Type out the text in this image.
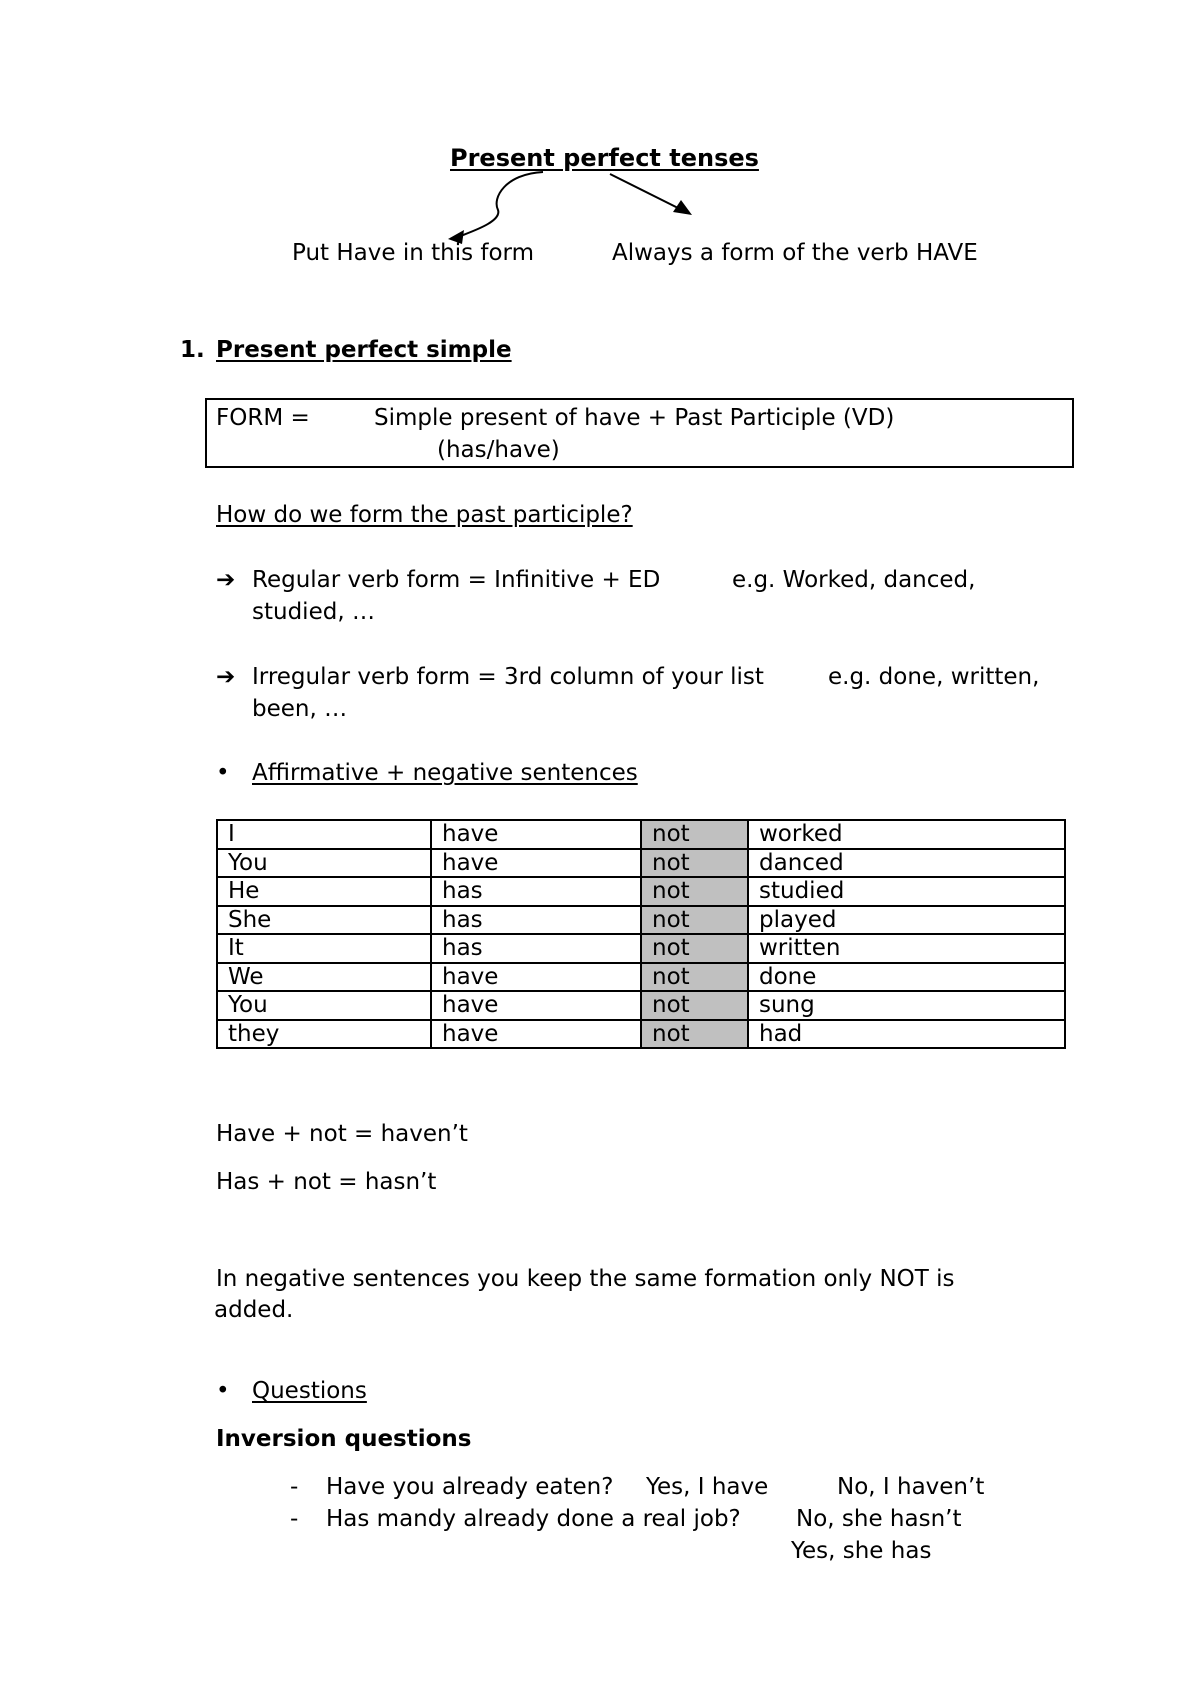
Present perfect tenses
Put Have in this form	Always a form of the verb HAVE
1. Present perfect simple
FORM =	Simple present of have + Past Participle (VD)
(has/have)
How do we form the past participle?
➔ Regular verb form = Infinitive + ED	e.g. Worked, danced,
studied, …
➔ Irregular verb form = 3rd column of your list	e.g. done, written,
been, …
• Affirmative + negative sentences
I	have	not	worked
You	have	not	danced
He	has	not	studied
She	has	not	played
It	has	not	written
We	have	not	done
You	have	not	sung
they	have	not	had
Have + not = haven’t
Has + not = hasn’t
In negative sentences you keep the same formation only NOT is
added.
• Questions
Inversion questions
- Have you already eaten? Yes, I have	No, I haven’t
- Has mandy already done a real job? No, she hasn’t
Yes, she has
